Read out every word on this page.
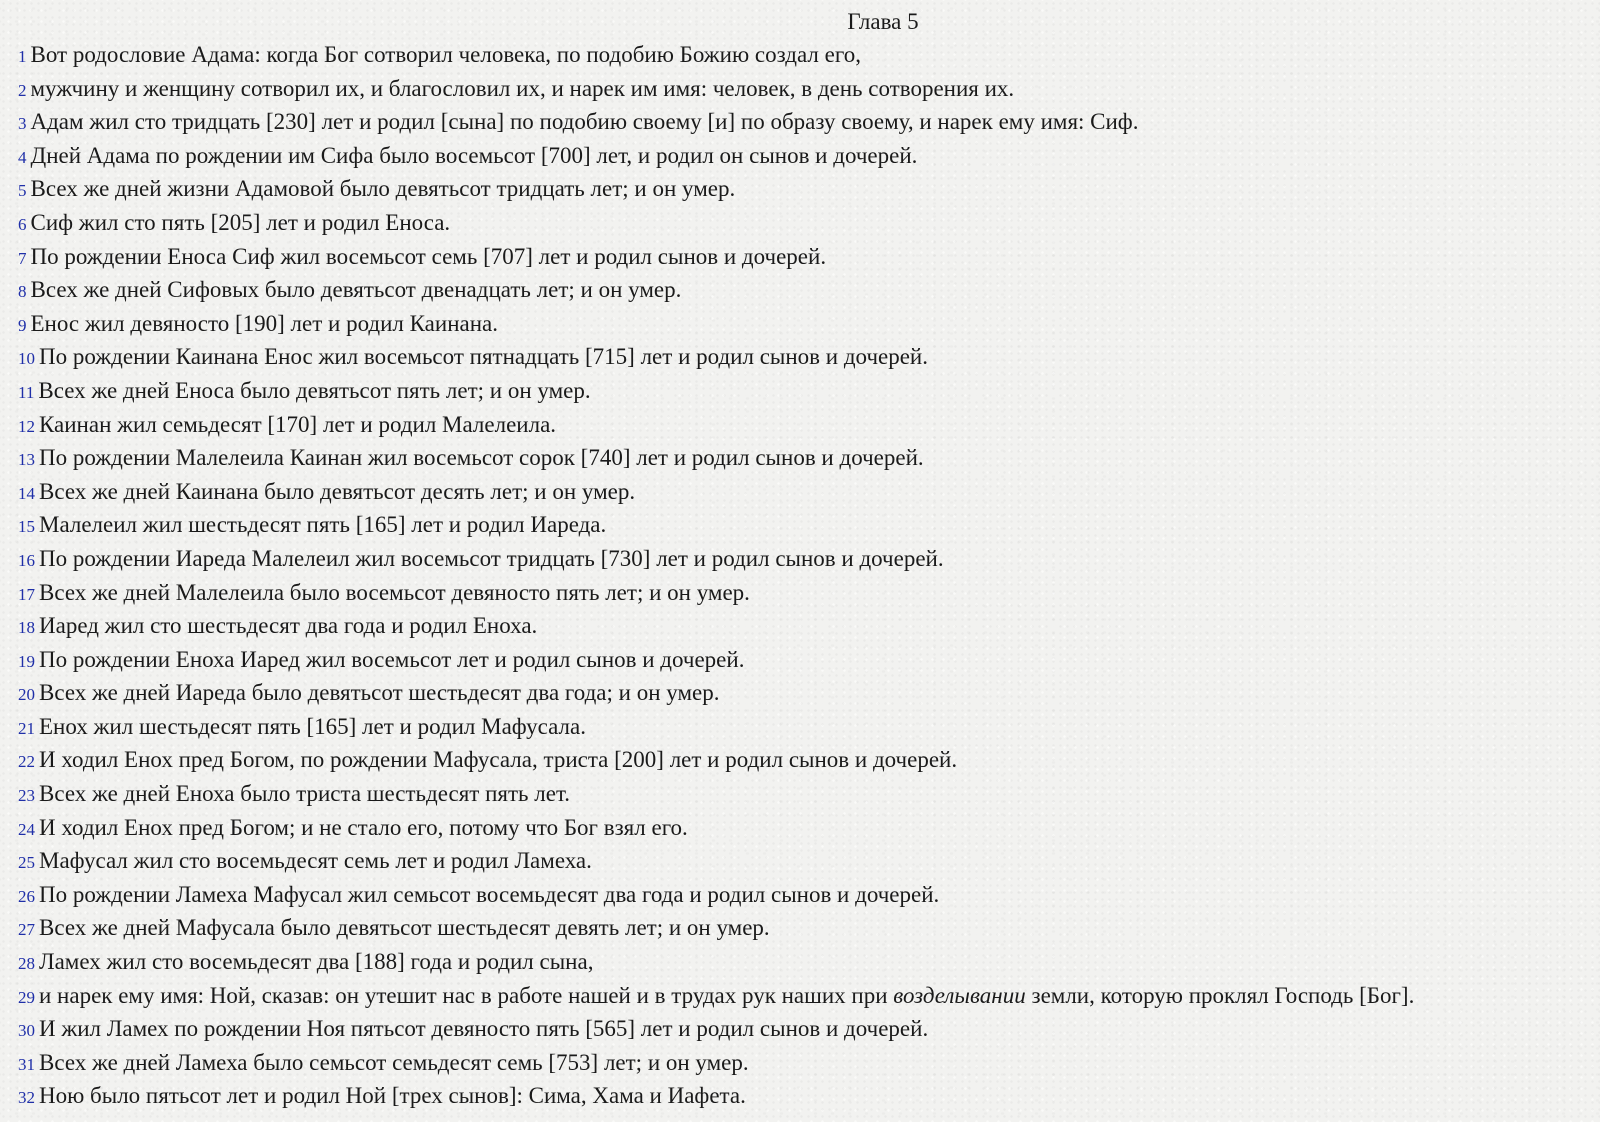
Глава 5
1 Вот родословие Адама: когда Бог сотворил человека, по подобию Божию создал его,
2 мужчину и женщину сотворил их, и благословил их, и нарек им имя: человек, в день сотворения их.
3 Адам жил сто тридцать [230] лет и родил [сына] по подобию своему [и] по образу своему, и нарек ему имя: Сиф.
4 Дней Адама по рождении им Сифа было восемьсот [700] лет, и родил он сынов и дочерей.
5 Всех же дней жизни Адамовой было девятьсот тридцать лет; и он умер.
6 Сиф жил сто пять [205] лет и родил Еноса.
7 По рождении Еноса Сиф жил восемьсот семь [707] лет и родил сынов и дочерей.
8 Всех же дней Сифовых было девятьсот двенадцать лет; и он умер.
9 Енос жил девяносто [190] лет и родил Каинана.
10 По рождении Каинана Енос жил восемьсот пятнадцать [715] лет и родил сынов и дочерей.
11 Всех же дней Еноса было девятьсот пять лет; и он умер.
12 Каинан жил семьдесят [170] лет и родил Малелеила.
13 По рождении Малелеила Каинан жил восемьсот сорок [740] лет и родил сынов и дочерей.
14 Всех же дней Каинана было девятьсот десять лет; и он умер.
15 Малелеил жил шестьдесят пять [165] лет и родил Иареда.
16 По рождении Иареда Малелеил жил восемьсот тридцать [730] лет и родил сынов и дочерей.
17 Всех же дней Малелеила было восемьсот девяносто пять лет; и он умер.
18 Иаред жил сто шестьдесят два года и родил Еноха.
19 По рождении Еноха Иаред жил восемьсот лет и родил сынов и дочерей.
20 Всех же дней Иареда было девятьсот шестьдесят два года; и он умер.
21 Енох жил шестьдесят пять [165] лет и родил Мафусала.
22 И ходил Енох пред Богом, по рождении Мафусала, триста [200] лет и родил сынов и дочерей.
23 Всех же дней Еноха было триста шестьдесят пять лет.
24 И ходил Енох пред Богом; и не стало его, потому что Бог взял его.
25 Мафусал жил сто восемьдесят семь лет и родил Ламеха.
26 По рождении Ламеха Мафусал жил семьсот восемьдесят два года и родил сынов и дочерей.
27 Всех же дней Мафусала было девятьсот шестьдесят девять лет; и он умер.
28 Ламех жил сто восемьдесят два [188] года и родил сына,
29 и нарек ему имя: Ной, сказав: он утешит нас в работе нашей и в трудах рук наших при возделывании земли, которую проклял Господь [Бог].
30 И жил Ламех по рождении Ноя пятьсот девяносто пять [565] лет и родил сынов и дочерей.
31 Всех же дней Ламеха было семьсот семьдесят семь [753] лет; и он умер.
32 Ною было пятьсот лет и родил Ной [трех сынов]: Сима, Хама и Иафета.
